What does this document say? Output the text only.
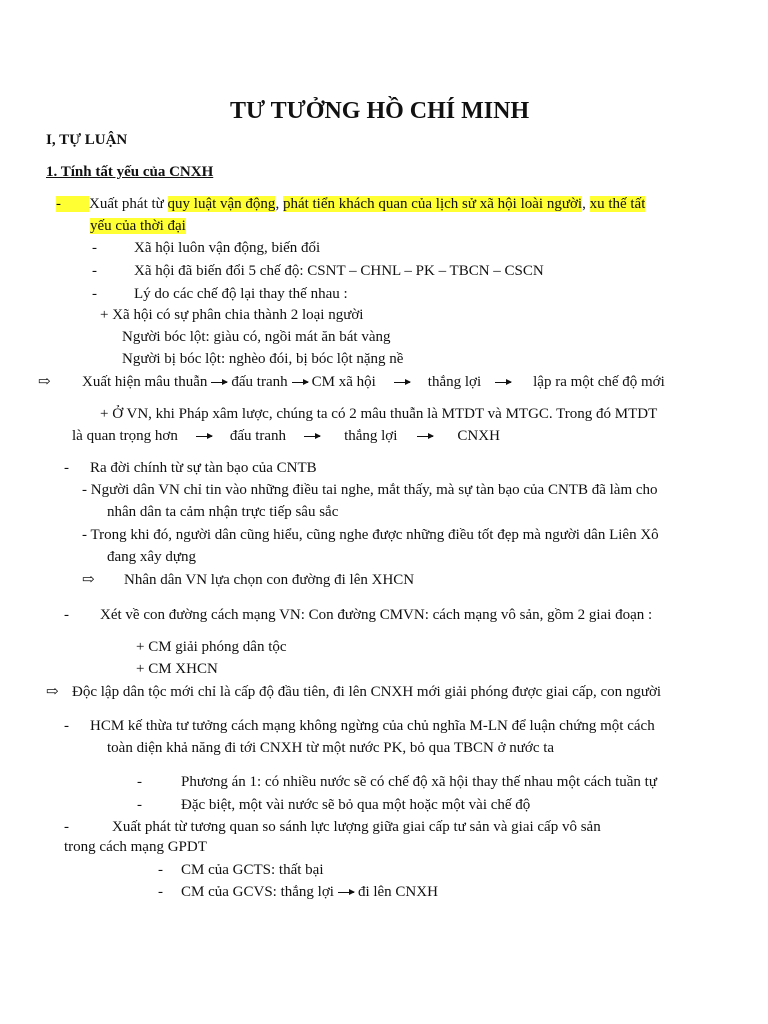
TƯ TƯỞNG HỒ CHÍ MINH
I, TỰ LUẬN
1. Tính tất yếu của CNXH
- Xuất phát từ quy luật vận động, phát tiển khách quan của lịch sử xã hội loài người, xu thế tất
yếu của thời đại
- Xã hội luôn vận động, biến đổi
- Xã hội đã biến đổi 5 chế độ: CSNT – CHNL – PK – TBCN – CSCN
- Lý do các chế độ lại thay thế nhau :
+ Xã hội có sự phân chia thành 2 loại người
Người bóc lột: giàu có, ngồi mát ăn bát vàng
Người bị bóc lột: nghèo đói, bị bóc lột nặng nề
⇨ Xuất hiện mâu thuẫn đấu tranh CM xã hội	thắng lợi	lập ra một chế độ mới
+ Ở VN, khi Pháp xâm lược, chúng ta có 2 mâu thuẫn là MTDT và MTGC. Trong đó MTDT
là quan trọng hơn	đấu tranh	thắng lợi	CNXH
- Ra đời chính từ sự tàn bạo của CNTB
- Người dân VN chỉ tin vào những điều tai nghe, mắt thấy, mà sự tàn bạo của CNTB đã làm cho
nhân dân ta cảm nhận trực tiếp sâu sắc
- Trong khi đó, người dân cũng hiểu, cũng nghe được những điều tốt đẹp mà người dân Liên Xô
đang xây dựng
⇨ Nhân dân VN lựa chọn con đường đi lên XHCN
- Xét về con đường cách mạng VN: Con đường CMVN: cách mạng vô sản, gồm 2 giai đoạn :
+ CM giải phóng dân tộc
+ CM XHCN
⇨ Độc lập dân tộc mới chỉ là cấp độ đầu tiên, đi lên CNXH mới giải phóng được giai cấp, con người
- HCM kế thừa tư tưởng cách mạng không ngừng của chủ nghĩa M-LN để luận chứng một cách
toàn diện khả năng đi tới CNXH từ một nước PK, bỏ qua TBCN ở nước ta
-	Phương án 1: có nhiều nước sẽ có chế độ xã hội thay thế nhau một cách tuần tự
-	Đặc biệt, một vài nước sẽ bỏ qua một hoặc một vài chế độ
-	Xuất phát từ tương quan so sánh lực lượng giữa giai cấp tư sản và giai cấp vô sản
trong cách mạng GPDT
- CM của GCTS: thất bại
- CM của GCVS: thắng lợi đi lên CNXH
